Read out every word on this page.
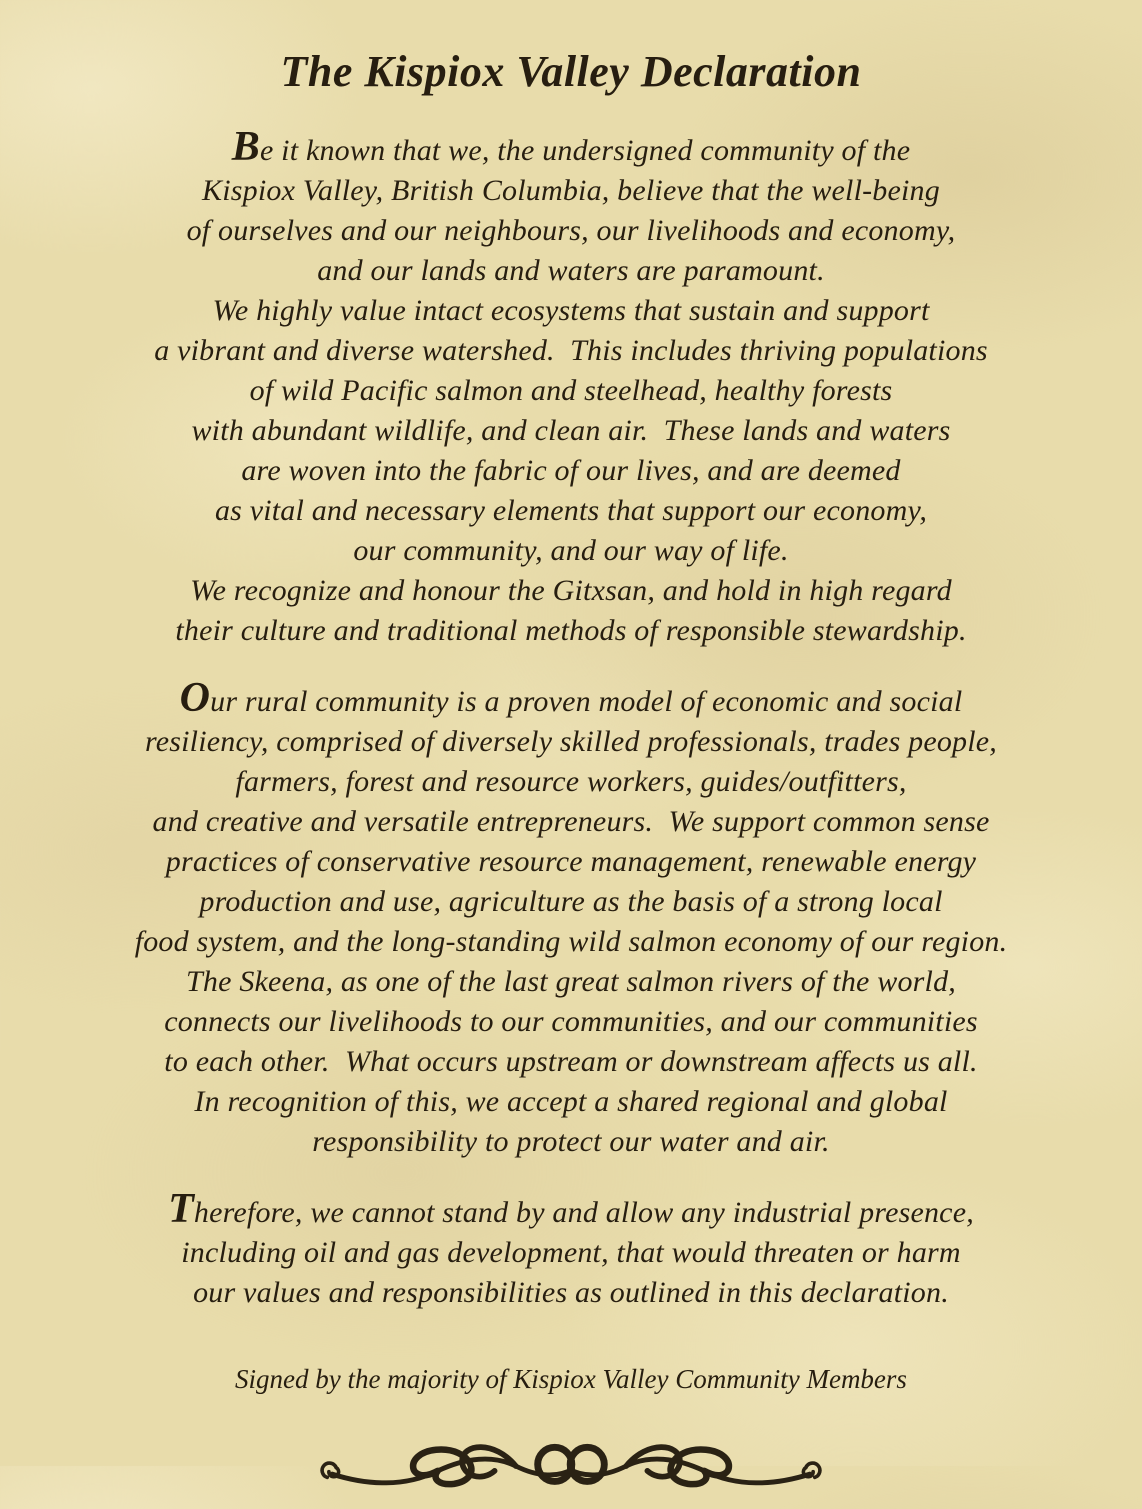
The Kispiox Valley Declaration
Be it known that we, the undersigned community of the
Kispiox Valley, British Columbia, believe that the well-being
of ourselves and our neighbours, our livelihoods and economy,
and our lands and waters are paramount.
We highly value intact ecosystems that sustain and support
a vibrant and diverse watershed.  This includes thriving populations
of wild Pacific salmon and steelhead, healthy forests
with abundant wildlife, and clean air.  These lands and waters
are woven into the fabric of our lives, and are deemed
as vital and necessary elements that support our economy,
our community, and our way of life.
We recognize and honour the Gitxsan, and hold in high regard
their culture and traditional methods of responsible stewardship.
Our rural community is a proven model of economic and social
resiliency, comprised of diversely skilled professionals, trades people,
farmers, forest and resource workers, guides/outfitters,
and creative and versatile entrepreneurs.  We support common sense
practices of conservative resource management, renewable energy
production and use, agriculture as the basis of a strong local
food system, and the long-standing wild salmon economy of our region.
The Skeena, as one of the last great salmon rivers of the world,
connects our livelihoods to our communities, and our communities
to each other.  What occurs upstream or downstream affects us all.
In recognition of this, we accept a shared regional and global
responsibility to protect our water and air.
Therefore, we cannot stand by and allow any industrial presence,
including oil and gas development, that would threaten or harm
our values and responsibilities as outlined in this declaration.

Signed by the majority of Kispiox Valley Community Members
